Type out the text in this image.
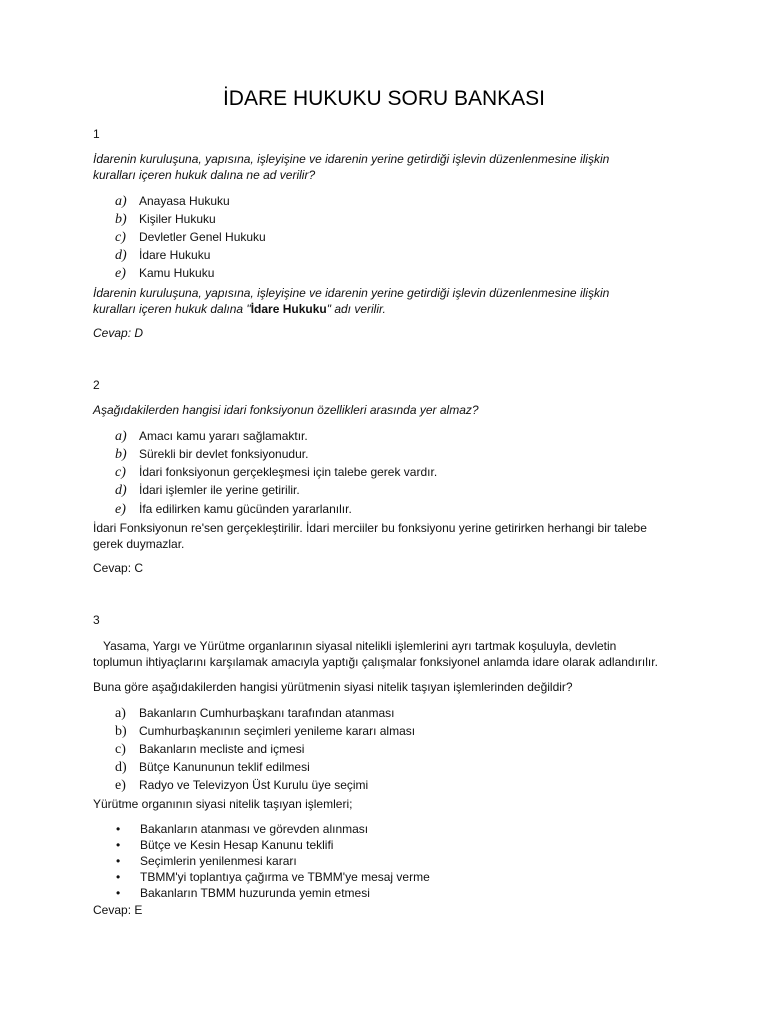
İDARE HUKUKU SORU BANKASI
1
İdarenin kuruluşuna, yapısına, işleyişine ve idarenin yerine getirdiği işlevin düzenlenmesine ilişkin kuralları içeren hukuk dalına ne ad verilir?
a) Anayasa Hukuku
b) Kişiler Hukuku
c) Devletler Genel Hukuku
d) İdare Hukuku
e) Kamu Hukuku
İdarenin kuruluşuna, yapısına, işleyişine ve idarenin yerine getirdiği işlevin düzenlenmesine ilişkin kuralları içeren hukuk dalına "İdare Hukuku" adı verilir.
Cevap: D
2
Aşağıdakilerden hangisi idari fonksiyonun özellikleri arasında yer almaz?
a) Amacı kamu yararı sağlamaktır.
b) Sürekli bir devlet fonksiyonudur.
c) İdari fonksiyonun gerçekleşmesi için talebe gerek vardır.
d) İdari işlemler ile yerine getirilir.
e) İfa edilirken kamu gücünden yararlanılır.
İdari Fonksiyonun re'sen gerçekleştirilir. İdari merciiler bu fonksiyonu yerine getirirken herhangi bir talebe gerek duymazlar.
Cevap: C
3
Yasama, Yargı ve Yürütme organlarının siyasal nitelikli işlemlerini ayrı tartmak koşuluyla, devletin toplumun ihtiyaçlarını karşılamak amacıyla yaptığı çalışmalar fonksiyonel anlamda idare olarak adlandırılır.
Buna göre aşağıdakilerden hangisi yürütmenin siyasi nitelik taşıyan işlemlerinden değildir?
a) Bakanların Cumhurbaşkanı tarafından atanması
b) Cumhurbaşkanının seçimleri yenileme kararı alması
c) Bakanların mecliste and içmesi
d) Bütçe Kanununun teklif edilmesi
e) Radyo ve Televizyon Üst Kurulu üye seçimi
Yürütme organının siyasi nitelik taşıyan işlemleri;
• Bakanların atanması ve görevden alınması
• Bütçe ve Kesin Hesap Kanunu teklifi
• Seçimlerin yenilenmesi kararı
• TBMM'yi toplantıya çağırma ve TBMM'ye mesaj verme
• Bakanların TBMM huzurunda yemin etmesi
Cevap: E
